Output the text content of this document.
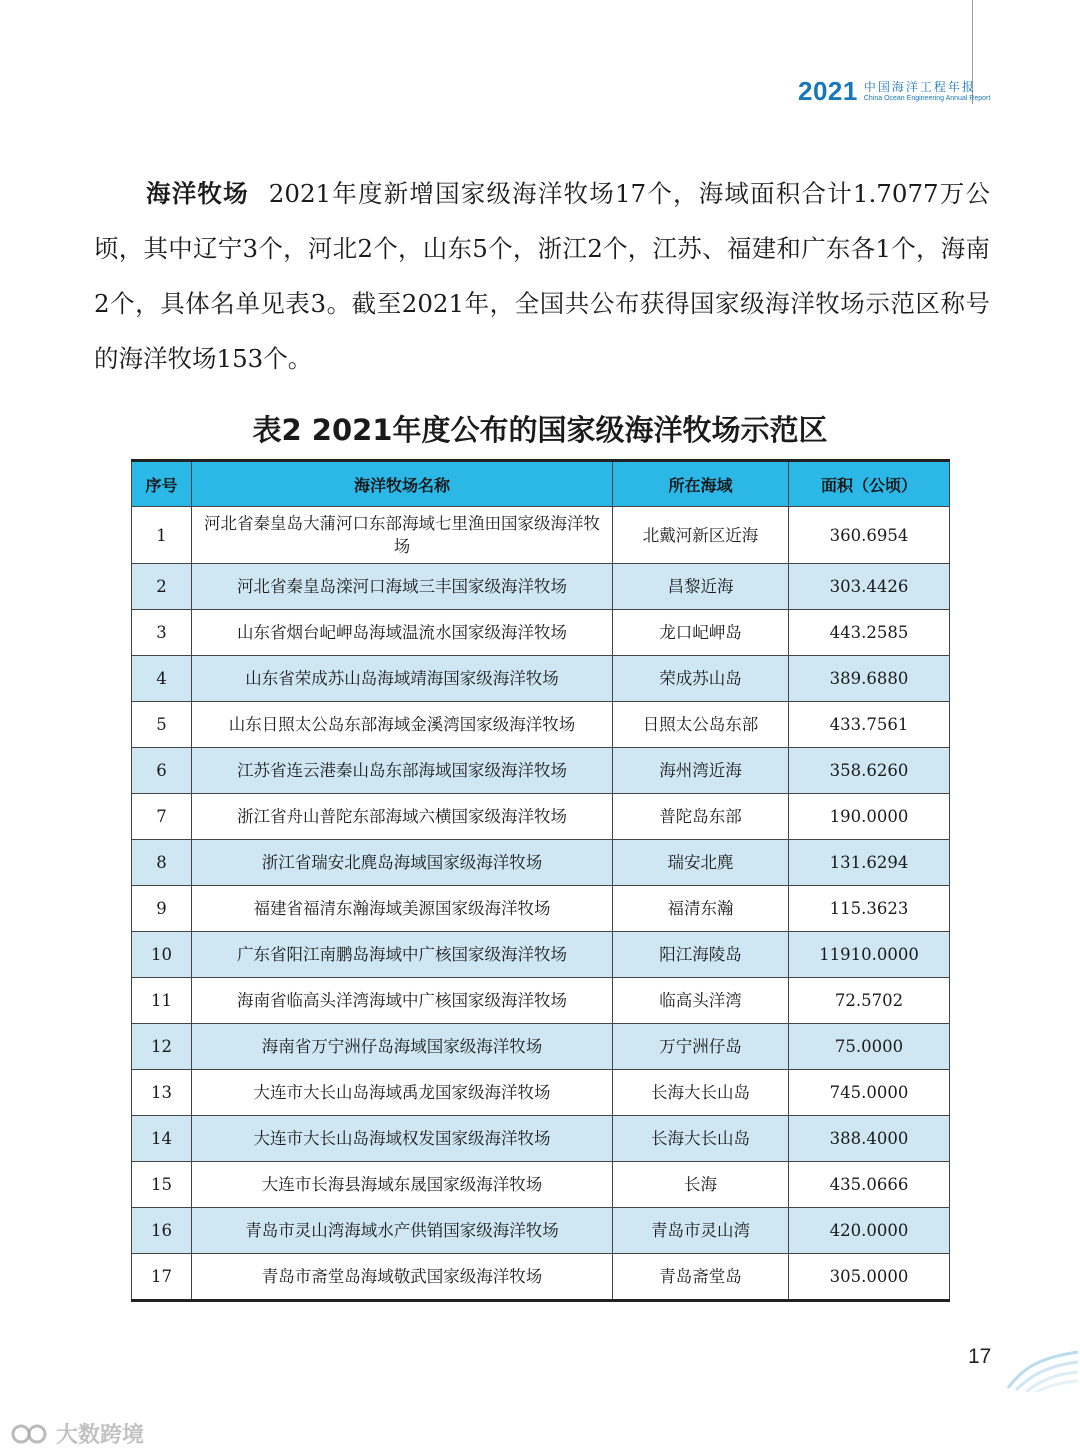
2021 中国海洋工程年报
China Ocean Engineering Annual Report

海洋牧场 2021年度新增国家级海洋牧场17个，海域面积合计1.7077万公顷，其中辽宁3个，河北2个，山东5个，浙江2个，江苏、福建和广东各1个，海南2个，具体名单见表3。截至2021年，全国共公布获得国家级海洋牧场示范区称号的海洋牧场153个。

表2 2021年度公布的国家级海洋牧场示范区
序号	海洋牧场名称	所在海域	面积（公顷）
1	河北省秦皇岛大蒲河口东部海域七里渔田国家级海洋牧场	北戴河新区近海	360.6954
2	河北省秦皇岛滦河口海域三丰国家级海洋牧场	昌黎近海	303.4426
3	山东省烟台屺岬岛海域温流水国家级海洋牧场	龙口屺岬岛	443.2585
4	山东省荣成苏山岛海域靖海国家级海洋牧场	荣成苏山岛	389.6880
5	山东日照太公岛东部海域金溪湾国家级海洋牧场	日照太公岛东部	433.7561
6	江苏省连云港秦山岛东部海域国家级海洋牧场	海州湾近海	358.6260
7	浙江省舟山普陀东部海域六横国家级海洋牧场	普陀岛东部	190.0000
8	浙江省瑞安北麂岛海域国家级海洋牧场	瑞安北麂	131.6294
9	福建省福清东瀚海域美源国家级海洋牧场	福清东瀚	115.3623
10	广东省阳江南鹏岛海域中广核国家级海洋牧场	阳江海陵岛	11910.0000
11	海南省临高头洋湾海域中广核国家级海洋牧场	临高头洋湾	72.5702
12	海南省万宁洲仔岛海域国家级海洋牧场	万宁洲仔岛	75.0000
13	大连市大长山岛海域禹龙国家级海洋牧场	长海大长山岛	745.0000
14	大连市大长山岛海域权发国家级海洋牧场	长海大长山岛	388.4000
15	大连市长海县海域东晟国家级海洋牧场	长海	435.0666
16	青岛市灵山湾海域水产供销国家级海洋牧场	青岛市灵山湾	420.0000
17	青岛市斋堂岛海域敬武国家级海洋牧场	青岛斋堂岛	305.0000
17
大数跨境
